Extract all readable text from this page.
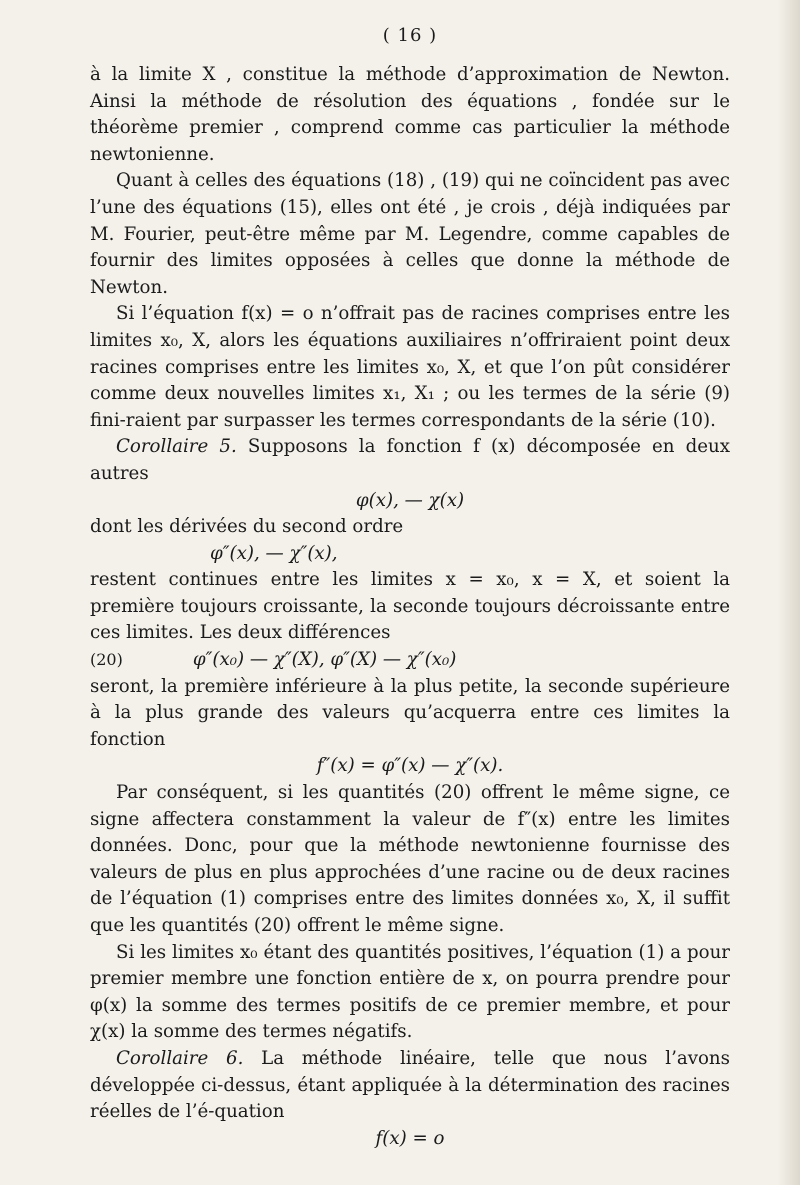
( 16 )

à la limite X , constitue la méthode d’approximation de Newton. Ainsi la méthode de résolution des équations , fondée sur le théorème premier , comprend comme cas particulier la méthode newtonienne.

Quant à celles des équations (18) , (19) qui ne coïncident pas avec l’une des équations (15), elles ont été , je crois , déjà indiquées par M. Fourier, peut-être même par M. Legendre, comme capables de fournir des limites opposées à celles que donne la méthode de Newton.

Si l’équation f(x) = o n’offrait pas de racines comprises entre les limites x₀, X, alors les équations auxiliaires n’offriraient point deux racines comprises entre les limites x₀, X, et que l’on pût considérer comme deux nouvelles limites x₁, X₁ ; ou les termes de la série (9) fini-raient par surpasser les termes correspondants de la série (10).

Corollaire 5. Supposons la fonction f (x) décomposée en deux autres

φ(x), — χ(x)

dont les dérivées du second ordre

φ″(x), — χ″(x),

restent continues entre les limites x = x₀, x = X, et soient la première toujours croissante, la seconde toujours décroissante entre ces limites. Les deux différences

(20)	φ″(x₀) — χ″(X), φ″(X) — χ″(x₀)

seront, la première inférieure à la plus petite, la seconde supérieure à la plus grande des valeurs qu’acquerra entre ces limites la fonction

f″(x) = φ″(x) — χ″(x).

Par conséquent, si les quantités (20) offrent le même signe, ce signe affectera constamment la valeur de f″(x) entre les limites données. Donc, pour que la méthode newtonienne fournisse des valeurs de plus en plus approchées d’une racine ou de deux racines de l’équation (1) comprises entre des limites données x₀, X, il suffit que les quantités (20) offrent le même signe.

Si les limites x₀ étant des quantités positives, l’équation (1) a pour premier membre une fonction entière de x, on pourra prendre pour φ(x) la somme des termes positifs de ce premier membre, et pour χ(x) la somme des termes négatifs.

Corollaire 6. La méthode linéaire, telle que nous l’avons développée ci-dessus, étant appliquée à la détermination des racines réelles de l’é-quation

f(x) = o
